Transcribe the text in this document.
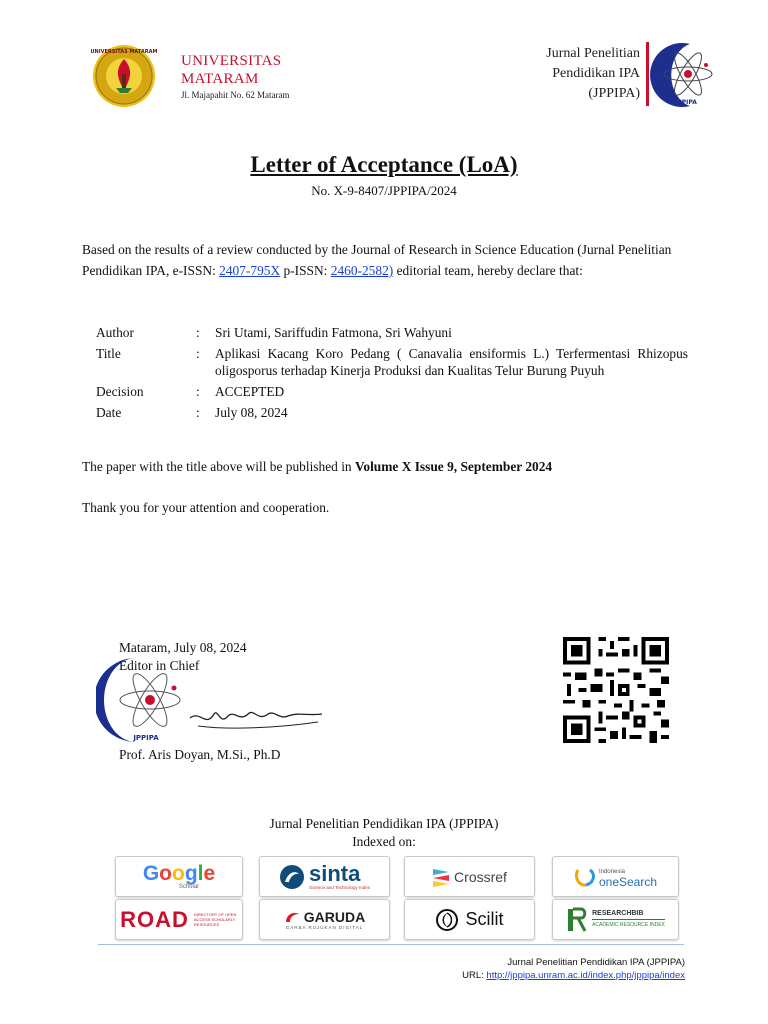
UNIVERSITAS MATARAM
UNIVERSITAS
MATARAM
Jl. Majapahit No. 62 Mataram
Jurnal Penelitian
Pendidikan IPA
(JPPIPA)
JPPIPA
Letter of Acceptance (LoA)
No. X-9-8407/JPPIPA/2024
Based on the results of a review conducted by the Journal of Research in Science Education (Jurnal Penelitian Pendidikan IPA, e-ISSN: 2407-795X p-ISSN: 2460-2582) editorial team, hereby declare that:
Author	:	Sri Utami, Sariffudin Fatmona, Sri Wahyuni
Title	:	Aplikasi Kacang Koro Pedang ( Canavalia ensiformis L.) Terfermentasi Rhizopus oligosporus terhadap Kinerja Produksi dan Kualitas Telur Burung Puyuh
Decision	:	ACCEPTED
Date	:	July 08, 2024
The paper with the title above will be published in Volume X Issue 9, September 2024
Thank you for your attention and cooperation.
JPPIPA
Mataram, July 08, 2024
Editor in Chief
Prof. Aris Doyan, M.Si., Ph.D
Jurnal Penelitian Pendidikan IPA (JPPIPA)
Indexed on:
Google
Scholar
sinta
Science and Technology Index
Crossref	Indonesia
oneSearch
ROAD DIRECTORY OF OPEN ACCESS SCHOLARLY RESOURCES	GARUDA
GARBA RUJUKAN DIGITAL	Scilit	RESEARCHBIB
ACADEMIC RESOURCE INDEX
Jurnal Penelitian Pendidikan IPA (JPPIPA)
URL: http://jppipa.unram.ac.id/index.php/jppipa/index
